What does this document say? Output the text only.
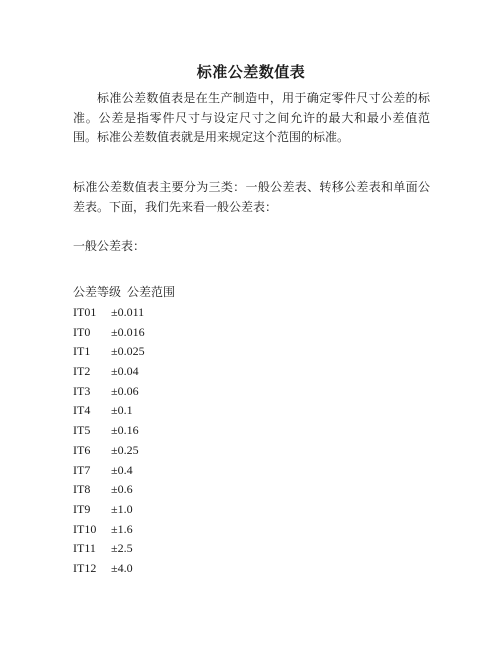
标准公差数值表
标准公差数值表是在生产制造中，用于确定零件尺寸公差的标准。公差是指零件尺寸与设定尺寸之间允许的最大和最小差值范围。标准公差数值表就是用来规定这个范围的标准。
标准公差数值表主要分为三类：一般公差表、转移公差表和单面公差表。下面，我们先来看一般公差表：
一般公差表：
公差等级 公差范围
IT01 ±0.011
IT0 ±0.016
IT1 ±0.025
IT2 ±0.04
IT3 ±0.06
IT4 ±0.1
IT5 ±0.16
IT6 ±0.25
IT7 ±0.4
IT8 ±0.6
IT9 ±1.0
IT10 ±1.6
IT11 ±2.5
IT12 ±4.0
